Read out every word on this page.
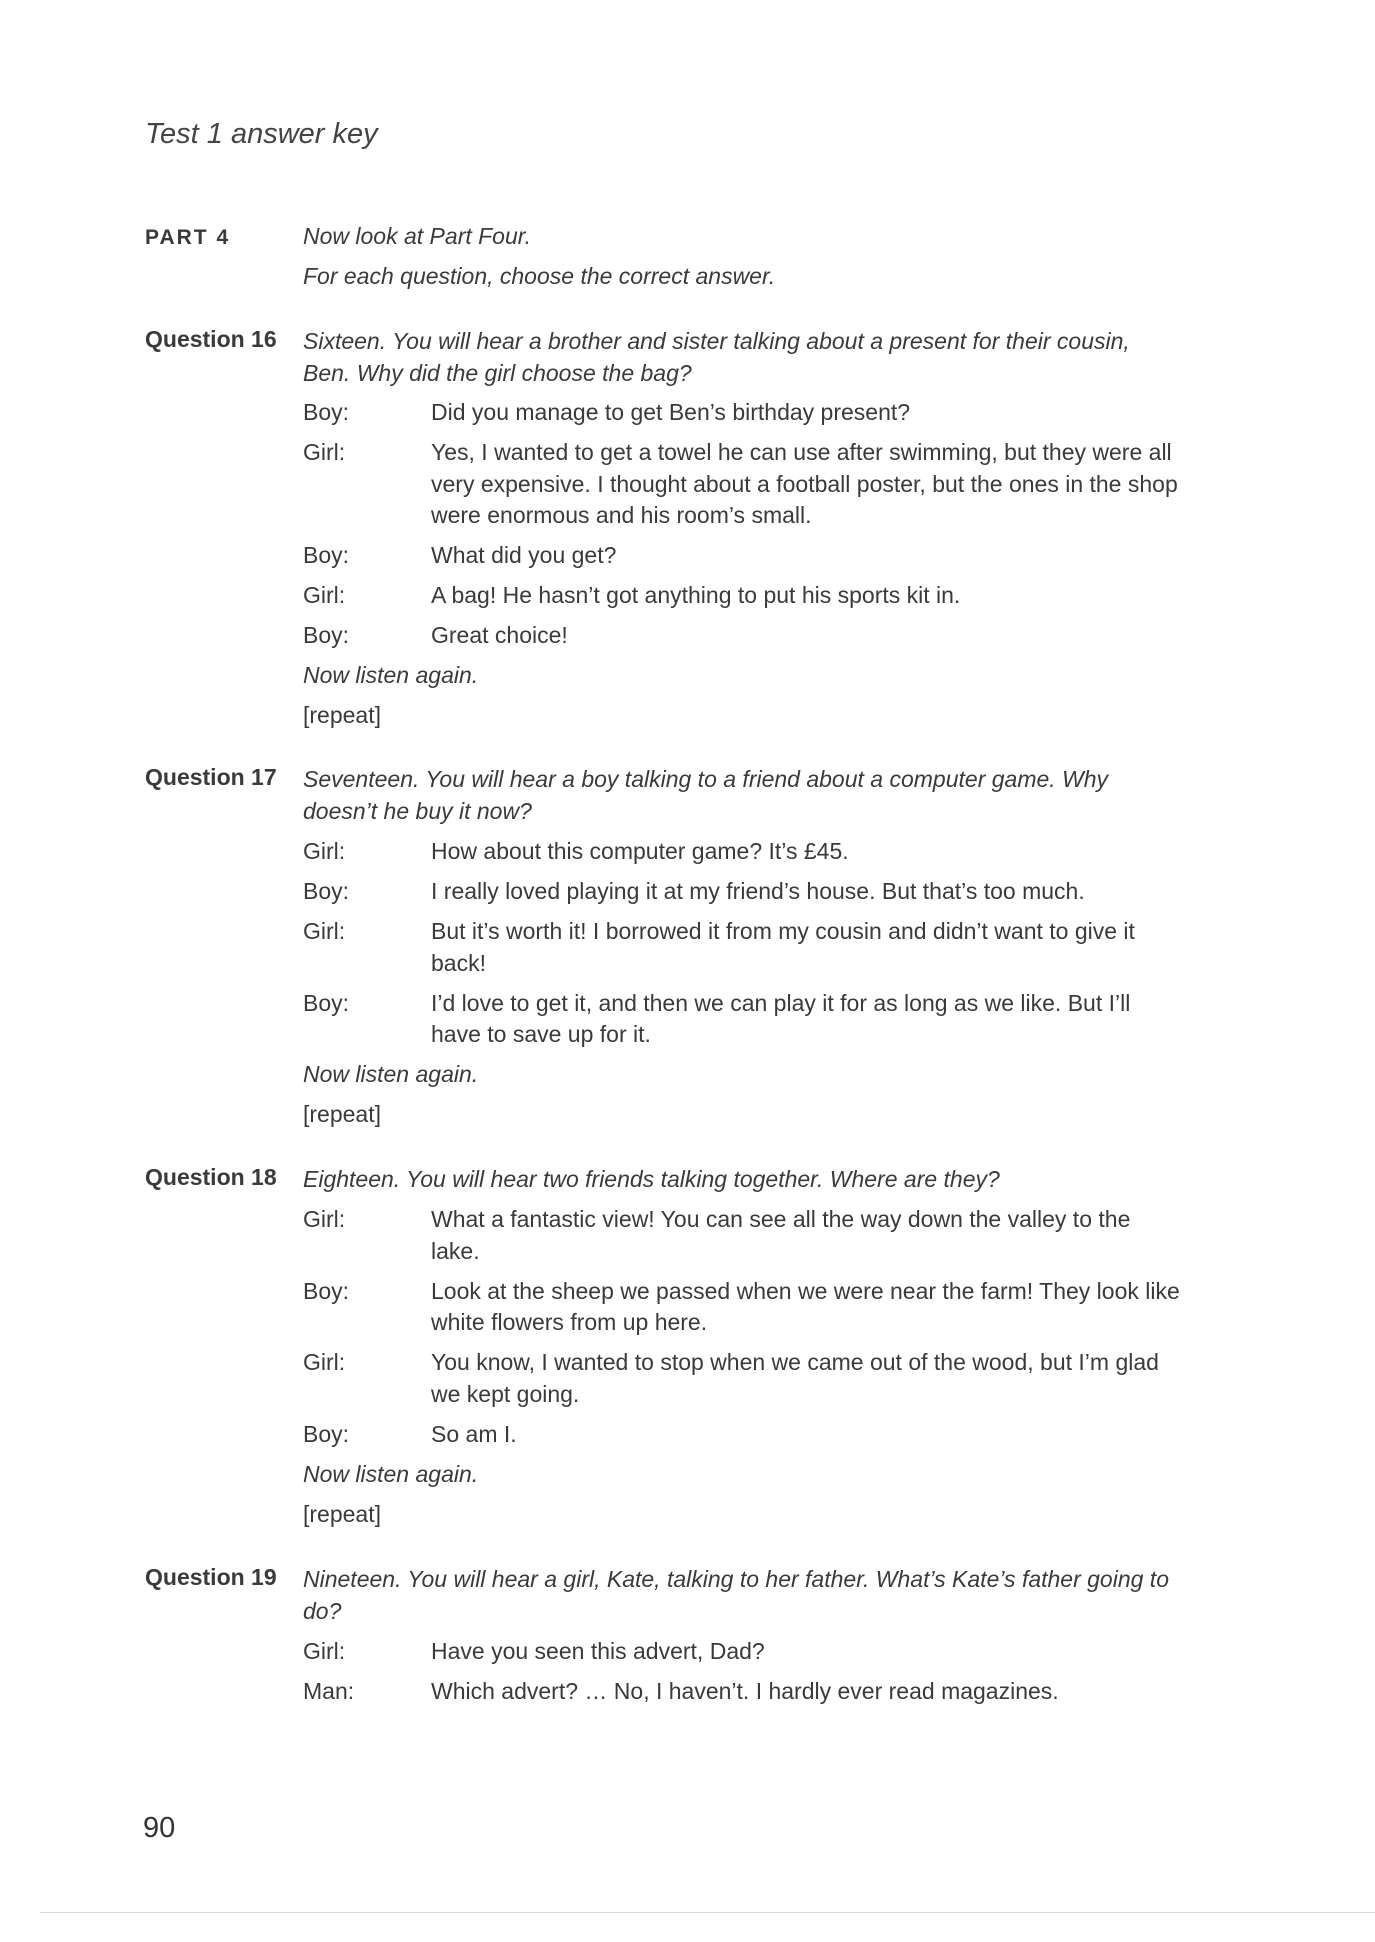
Test 1 answer key
PART 4	Now look at Part Four.
For each question, choose the correct answer.
Question 16 Sixteen. You will hear a brother and sister talking about a present for their cousin, Ben. Why did the girl choose the bag?
Boy:	Did you manage to get Ben’s birthday present?
Girl:	Yes, I wanted to get a towel he can use after swimming, but they were all very expensive. I thought about a football poster, but the ones in the shop were enormous and his room’s small.
Boy:	What did you get?
Girl:	A bag! He hasn’t got anything to put his sports kit in.
Boy:	Great choice!
Now listen again.
[repeat]
Question 17 Seventeen. You will hear a boy talking to a friend about a computer game. Why doesn’t he buy it now?
Girl:	How about this computer game? It’s £45.
Boy:	I really loved playing it at my friend’s house. But that’s too much.
Girl:	But it’s worth it! I borrowed it from my cousin and didn’t want to give it back!
Boy:	I’d love to get it, and then we can play it for as long as we like. But I’ll have to save up for it.
Now listen again.
[repeat]
Question 18 Eighteen. You will hear two friends talking together. Where are they?
Girl:	What a fantastic view! You can see all the way down the valley to the lake.
Boy:	Look at the sheep we passed when we were near the farm! They look like white flowers from up here.
Girl:	You know, I wanted to stop when we came out of the wood, but I’m glad we kept going.
Boy:	So am I.
Now listen again.
[repeat]
Question 19 Nineteen. You will hear a girl, Kate, talking to her father. What’s Kate’s father going to do?
Girl:	Have you seen this advert, Dad?
Man:	Which advert? … No, I haven’t. I hardly ever read magazines.
90
